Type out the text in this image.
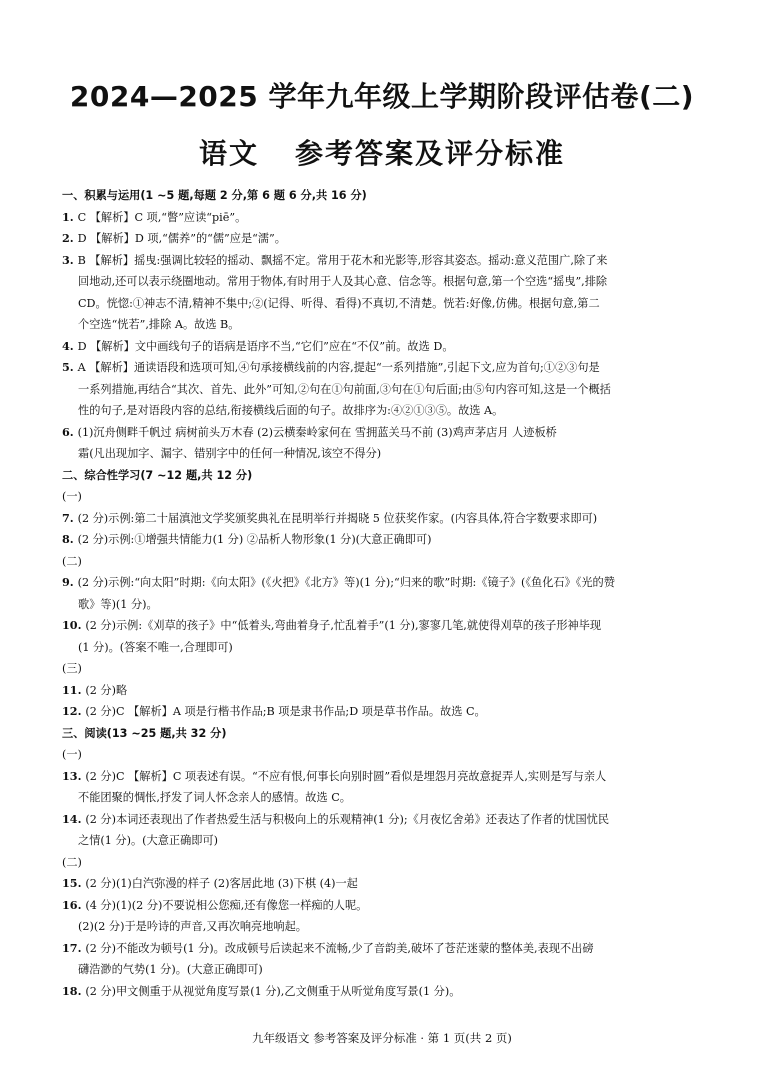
2024—2025 学年九年级上学期阶段评估卷(二)
语文 参考答案及评分标准
一、积累与运用(1 ~5 题,每题 2 分,第 6 题 6 分,共 16 分)
1. C 【解析】C 项,“瞥”应读“piē”。
2. D 【解析】D 项,“儒养”的“儒”应是“濡”。
3. B 【解析】摇曳:强调比较轻的摇动、飘摇不定。常用于花木和光影等,形容其姿态。摇动:意义范围广,除了来
回地动,还可以表示绕圈地动。常用于物体,有时用于人及其心意、信念等。根据句意,第一个空选“摇曳”,排除
CD。恍惚:①神志不清,精神不集中;②(记得、听得、看得)不真切,不清楚。恍若:好像,仿佛。根据句意,第二
个空选“恍若”,排除 A。故选 B。
4. D 【解析】文中画线句子的语病是语序不当,“它们”应在“不仅”前。故选 D。
5. A 【解析】通读语段和选项可知,④句承接横线前的内容,提起“一系列措施”,引起下文,应为首句;①②③句是
一系列措施,再结合“其次、首先、此外”可知,②句在①句前面,③句在①句后面;由⑤句内容可知,这是一个概括
性的句子,是对语段内容的总结,衔接横线后面的句子。故排序为:④②①③⑤。故选 A。
6. (1)沉舟侧畔千帆过 病树前头万木春 (2)云横秦岭家何在 雪拥蓝关马不前 (3)鸡声茅店月 人迹板桥
霜(凡出现加字、漏字、错别字中的任何一种情况,该空不得分)
二、综合性学习(7 ~12 题,共 12 分)
(一)
7. (2 分)示例:第二十届滇池文学奖颁奖典礼在昆明举行并揭晓 5 位获奖作家。(内容具体,符合字数要求即可)
8. (2 分)示例:①增强共情能力(1 分) ②品析人物形象(1 分)(大意正确即可)
(二)
9. (2 分)示例:“向太阳”时期:《向太阳》(《火把》《北方》等)(1 分);“归来的歌”时期:《镜子》(《鱼化石》《光的赞
歌》等)(1 分)。
10. (2 分)示例:《刈草的孩子》中“低着头,弯曲着身子,忙乱着手”(1 分),寥寥几笔,就使得刈草的孩子形神毕现
(1 分)。(答案不唯一,合理即可)
(三)
11. (2 分)略
12. (2 分)C 【解析】A 项是行楷书作品;B 项是隶书作品;D 项是草书作品。故选 C。
三、阅读(13 ~25 题,共 32 分)
(一)
13. (2 分)C 【解析】C 项表述有误。“不应有恨,何事长向别时圆”看似是埋怨月亮故意捉弄人,实则是写与亲人
不能团聚的惆怅,抒发了词人怀念亲人的感情。故选 C。
14. (2 分)本词还表现出了作者热爱生活与积极向上的乐观精神(1 分);《月夜忆舍弟》还表达了作者的忧国忧民
之情(1 分)。(大意正确即可)
(二)
15. (2 分)(1)白汽弥漫的样子 (2)客居此地 (3)下棋 (4)一起
16. (4 分)(1)(2 分)不要说相公您痴,还有像您一样痴的人呢。
(2)(2 分)于是吟诗的声音,又再次响亮地响起。
17. (2 分)不能改为顿号(1 分)。改成顿号后读起来不流畅,少了音韵美,破坏了苍茫迷蒙的整体美,表现不出磅
礴浩渺的气势(1 分)。(大意正确即可)
18. (2 分)甲文侧重于从视觉角度写景(1 分),乙文侧重于从听觉角度写景(1 分)。
九年级语文 参考答案及评分标准 · 第 1 页(共 2 页)
